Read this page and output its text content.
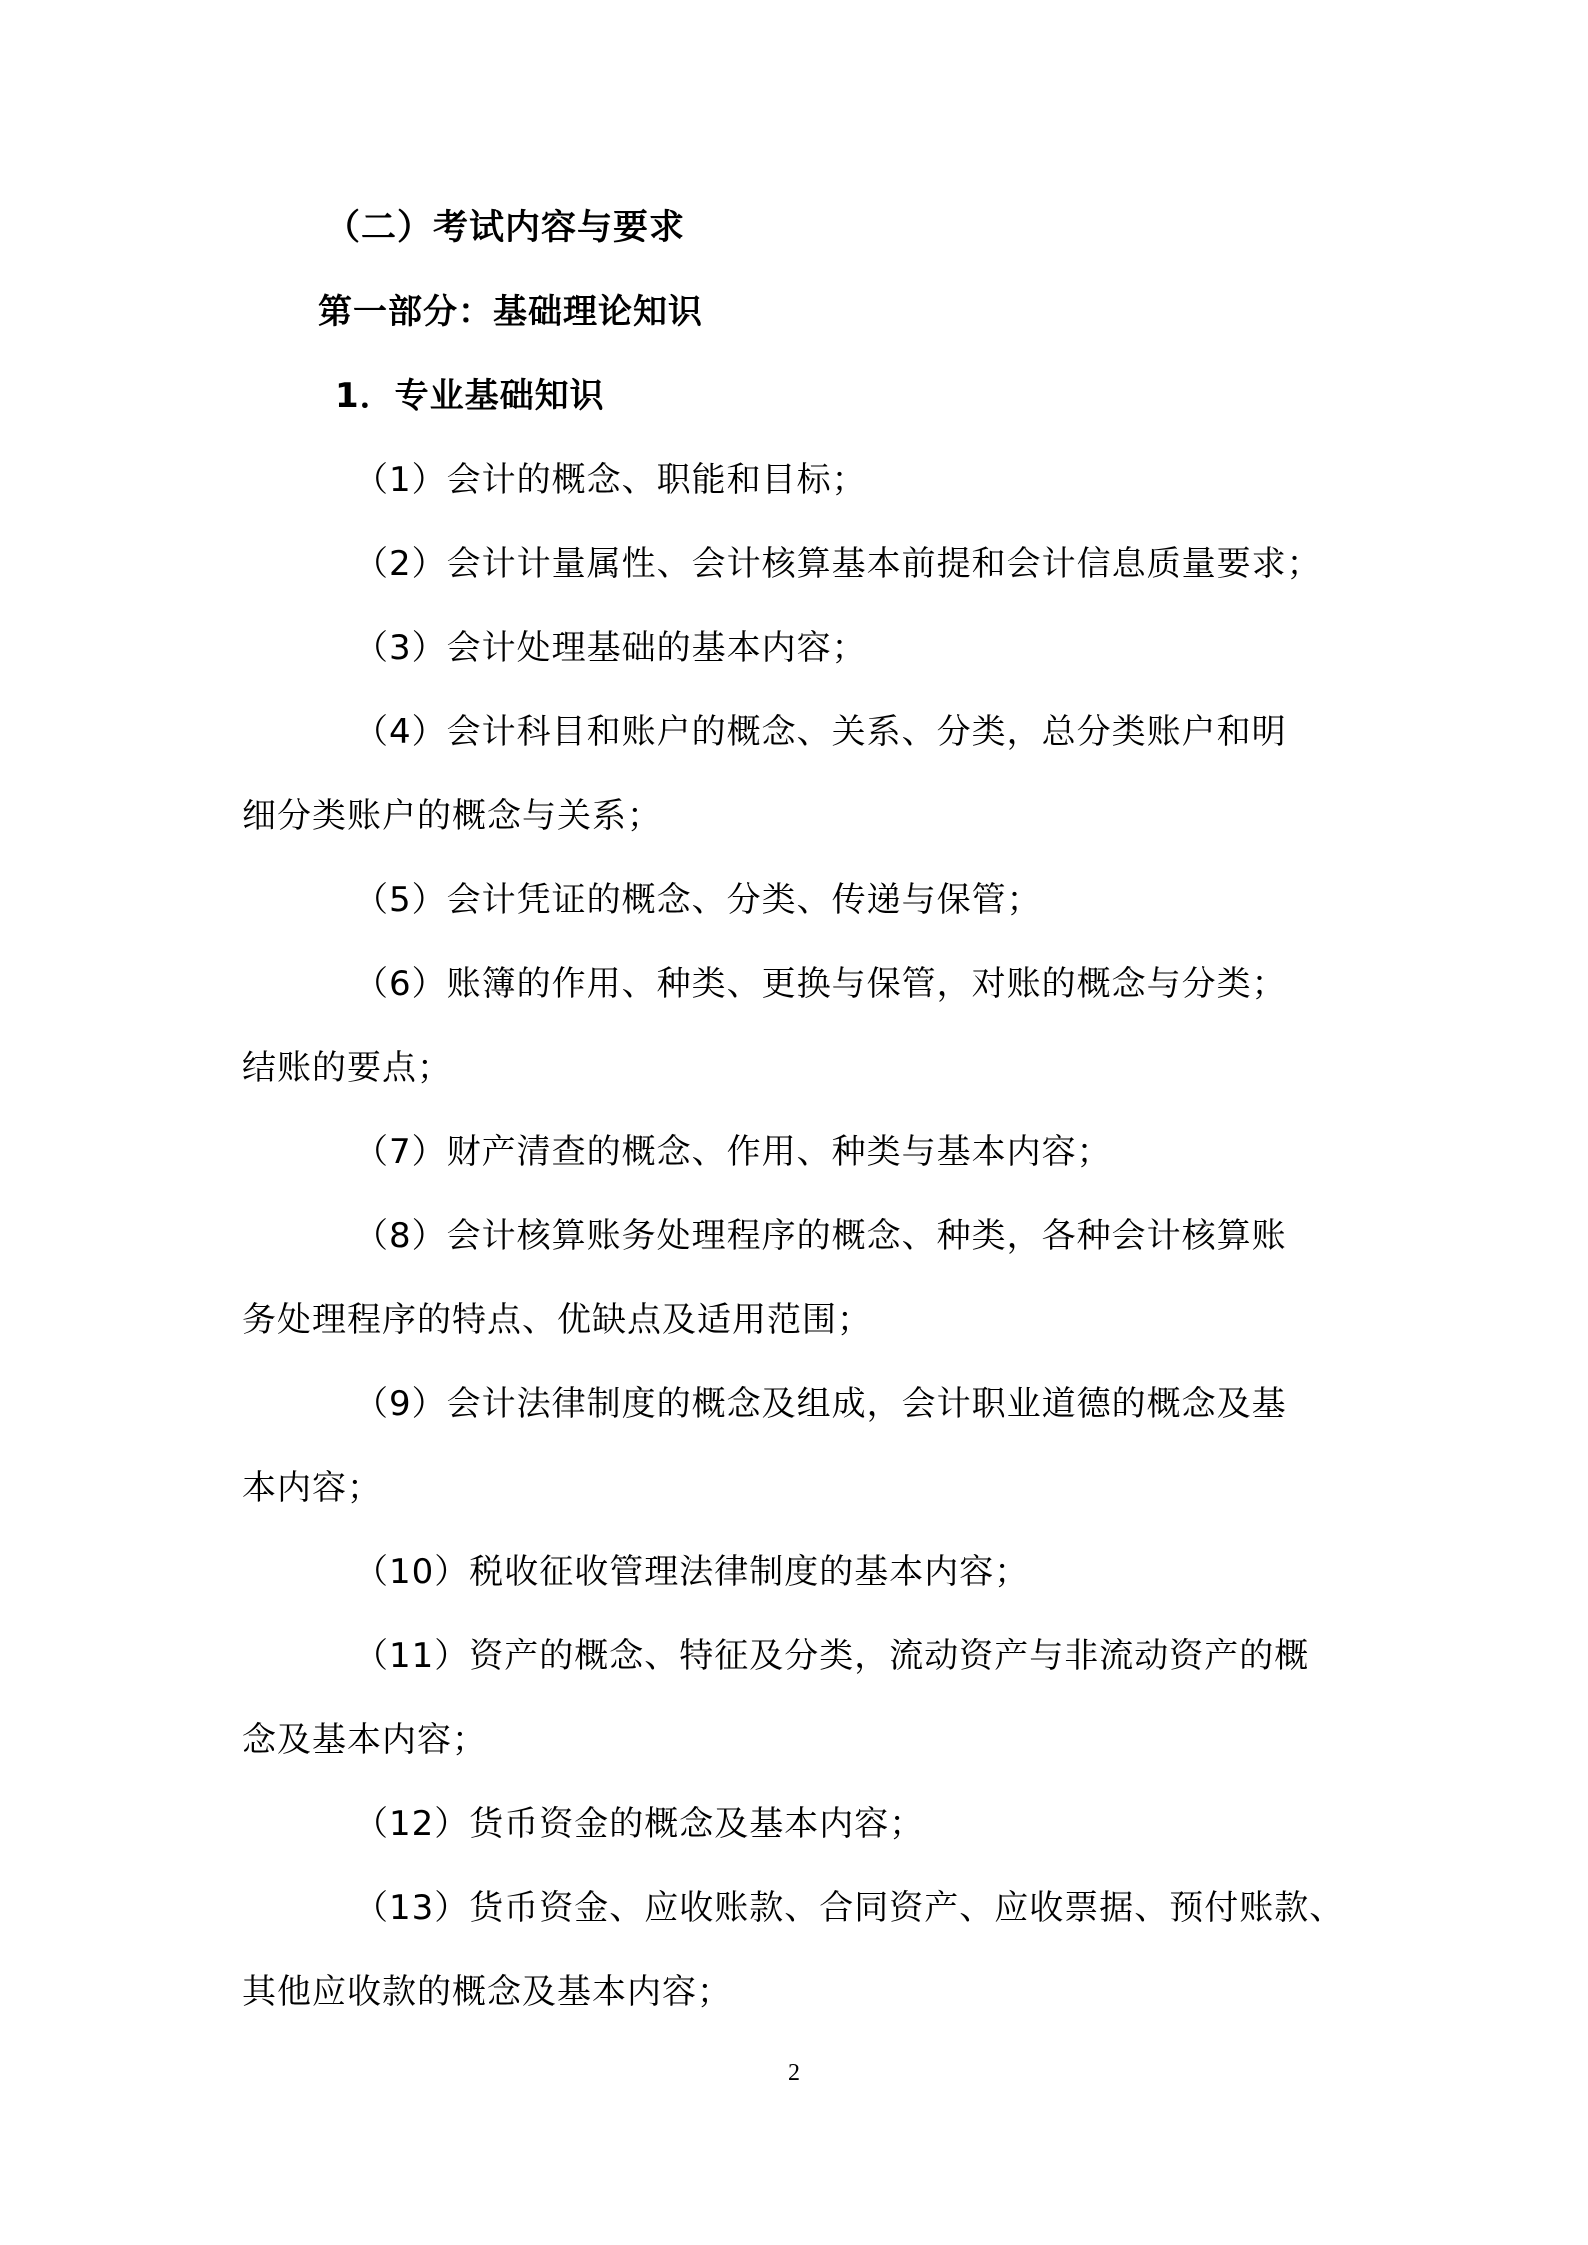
（二）考试内容与要求
第一部分：基础理论知识
1．专业基础知识
（1）会计的概念、职能和目标；
（2）会计计量属性、会计核算基本前提和会计信息质量要求；
（3）会计处理基础的基本内容；
（4）会计科目和账户的概念、关系、分类，总分类账户和明
细分类账户的概念与关系；
（5）会计凭证的概念、分类、传递与保管；
（6）账簿的作用、种类、更换与保管，对账的概念与分类；
结账的要点；
（7）财产清查的概念、作用、种类与基本内容；
（8）会计核算账务处理程序的概念、种类，各种会计核算账
务处理程序的特点、优缺点及适用范围；
（9）会计法律制度的概念及组成，会计职业道德的概念及基
本内容；
（10）税收征收管理法律制度的基本内容；
（11）资产的概念、特征及分类，流动资产与非流动资产的概
念及基本内容；
（12）货币资金的概念及基本内容；
（13）货币资金、应收账款、合同资产、应收票据、预付账款、
其他应收款的概念及基本内容；
2
